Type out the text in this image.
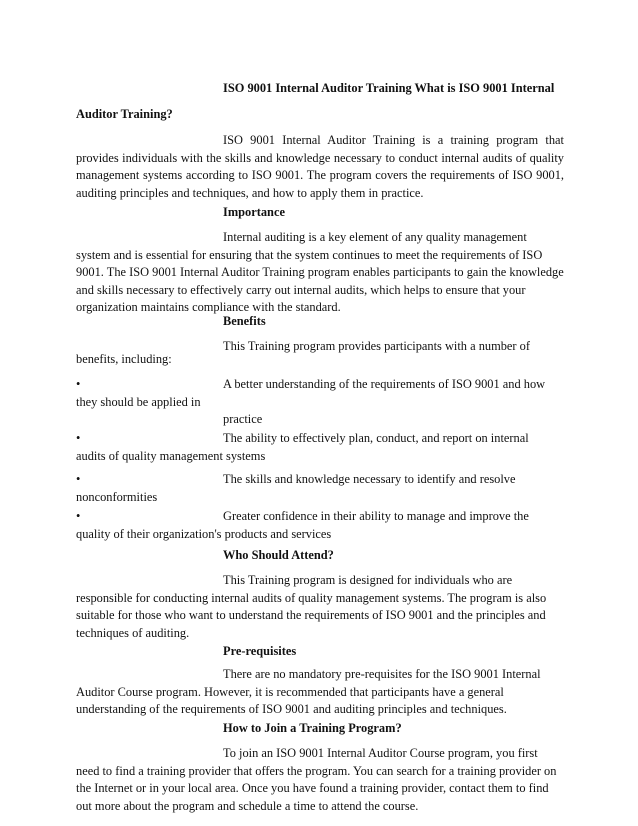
ISO 9001 Internal Auditor Training What is ISO 9001 Internal

Auditor Training?

ISO 9001 Internal Auditor Training is a training program that provides individuals with the skills and knowledge necessary to conduct internal audits of quality management systems according to ISO 9001. The program covers the requirements of ISO 9001, auditing principles and techniques, and how to apply them in practice.

Importance

Internal auditing is a key element of any quality management system and is essential for ensuring that the system continues to meet the requirements of ISO 9001. The ISO 9001 Internal Auditor Training program enables participants to gain the knowledge and skills necessary to effectively carry out internal audits, which helps to ensure that your organization maintains compliance with the standard.

Benefits

This Training program provides participants with a number of

benefits, including:

•	A better understanding of the requirements of ISO 9001 and how
they should be applied in
practice
•	The ability to effectively plan, conduct, and report on internal
audits of quality management systems
•	The skills and knowledge necessary to identify and resolve
nonconformities
•	Greater confidence in their ability to manage and improve the
quality of their organization's products and services

Who Should Attend?

This Training program is designed for individuals who are responsible for conducting internal audits of quality management systems. The program is also suitable for those who want to understand the requirements of ISO 9001 and the principles and techniques of auditing.

Pre-requisites

There are no mandatory pre-requisites for the ISO 9001 Internal Auditor Course program. However, it is recommended that participants have a general understanding of the requirements of ISO 9001 and auditing principles and techniques.

How to Join a Training Program?

To join an ISO 9001 Internal Auditor Course program, you first need to find a training provider that offers the program. You can search for a training provider on the Internet or in your local area. Once you have found a training provider, contact them to find out more about the program and schedule a time to attend the course.
